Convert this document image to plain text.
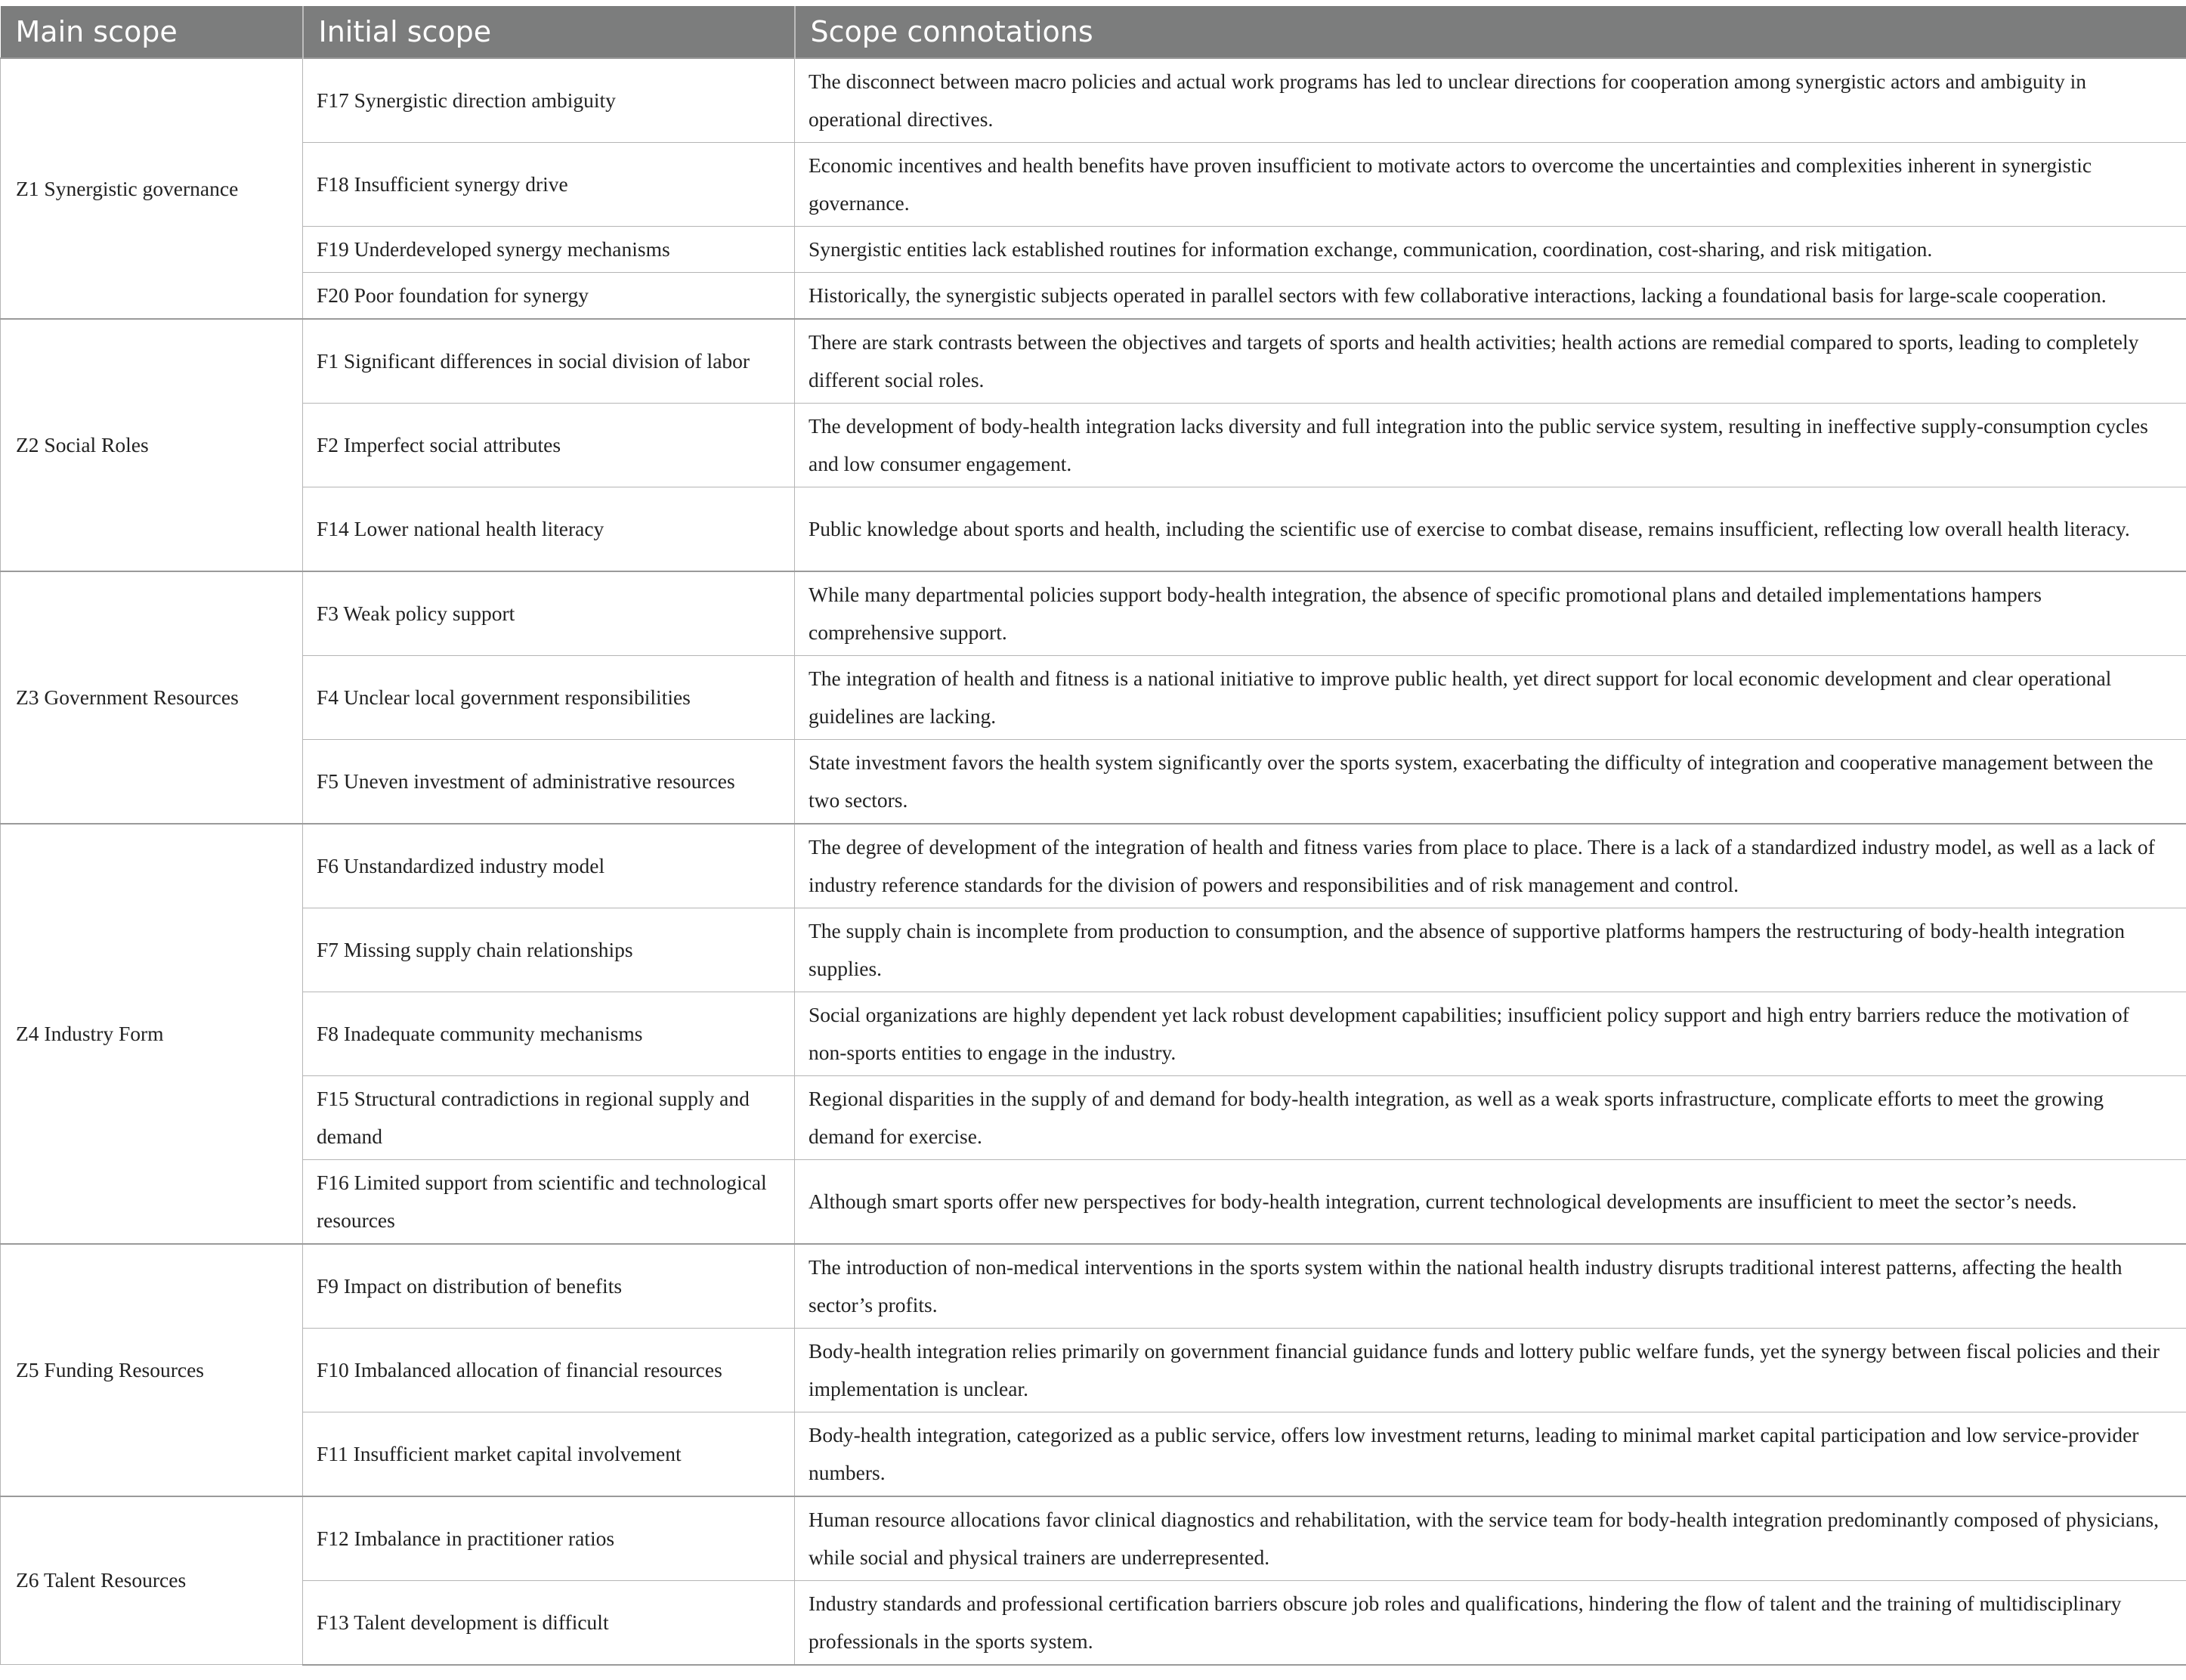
Main scope	Initial scope	Scope connotations
Z1 Synergistic governance	F17 Synergistic direction ambiguity	The disconnect between macro policies and actual work programs has led to unclear directions for cooperation among synergistic actors and ambiguity in operational directives.
	F18 Insufficient synergy drive	Economic incentives and health benefits have proven insufficient to motivate actors to overcome the uncertainties and complexities inherent in synergistic governance.
	F19 Underdeveloped synergy mechanisms	Synergistic entities lack established routines for information exchange, communication, coordination, cost-sharing, and risk mitigation.
	F20 Poor foundation for synergy	Historically, the synergistic subjects operated in parallel sectors with few collaborative interactions, lacking a foundational basis for large-scale cooperation.
Z2 Social Roles	F1 Significant differences in social division of labor	There are stark contrasts between the objectives and targets of sports and health activities; health actions are remedial compared to sports, leading to completely different social roles.
	F2 Imperfect social attributes	The development of body-health integration lacks diversity and full integration into the public service system, resulting in ineffective supply-consumption cycles and low consumer engagement.
	F14 Lower national health literacy	Public knowledge about sports and health, including the scientific use of exercise to combat disease, remains insufficient, reflecting low overall health literacy.
Z3 Government Resources	F3 Weak policy support	While many departmental policies support body-health integration, the absence of specific promotional plans and detailed implementations hampers comprehensive support.
	F4 Unclear local government responsibilities	The integration of health and fitness is a national initiative to improve public health, yet direct support for local economic development and clear operational guidelines are lacking.
	F5 Uneven investment of administrative resources	State investment favors the health system significantly over the sports system, exacerbating the difficulty of integration and cooperative management between the two sectors.
Z4 Industry Form	F6 Unstandardized industry model	The degree of development of the integration of health and fitness varies from place to place. There is a lack of a standardized industry model, as well as a lack of industry reference standards for the division of powers and responsibilities and of risk management and control.
	F7 Missing supply chain relationships	The supply chain is incomplete from production to consumption, and the absence of supportive platforms hampers the restructuring of body-health integration supplies.
	F8 Inadequate community mechanisms	Social organizations are highly dependent yet lack robust development capabilities; insufficient policy support and high entry barriers reduce the motivation of non-sports entities to engage in the industry.
	F15 Structural contradictions in regional supply and demand	Regional disparities in the supply of and demand for body-health integration, as well as a weak sports infrastructure, complicate efforts to meet the growing demand for exercise.
	F16 Limited support from scientific and technological resources	Although smart sports offer new perspectives for body-health integration, current technological developments are insufficient to meet the sector’s needs.
Z5 Funding Resources	F9 Impact on distribution of benefits	The introduction of non-medical interventions in the sports system within the national health industry disrupts traditional interest patterns, affecting the health sector’s profits.
	F10 Imbalanced allocation of financial resources	Body-health integration relies primarily on government financial guidance funds and lottery public welfare funds, yet the synergy between fiscal policies and their implementation is unclear.
	F11 Insufficient market capital involvement	Body-health integration, categorized as a public service, offers low investment returns, leading to minimal market capital participation and low service-provider numbers.
Z6 Talent Resources	F12 Imbalance in practitioner ratios	Human resource allocations favor clinical diagnostics and rehabilitation, with the service team for body-health integration predominantly composed of physicians, while social and physical trainers are underrepresented.
	F13 Talent development is difficult	Industry standards and professional certification barriers obscure job roles and qualifications, hindering the flow of talent and the training of multidisciplinary professionals in the sports system.
